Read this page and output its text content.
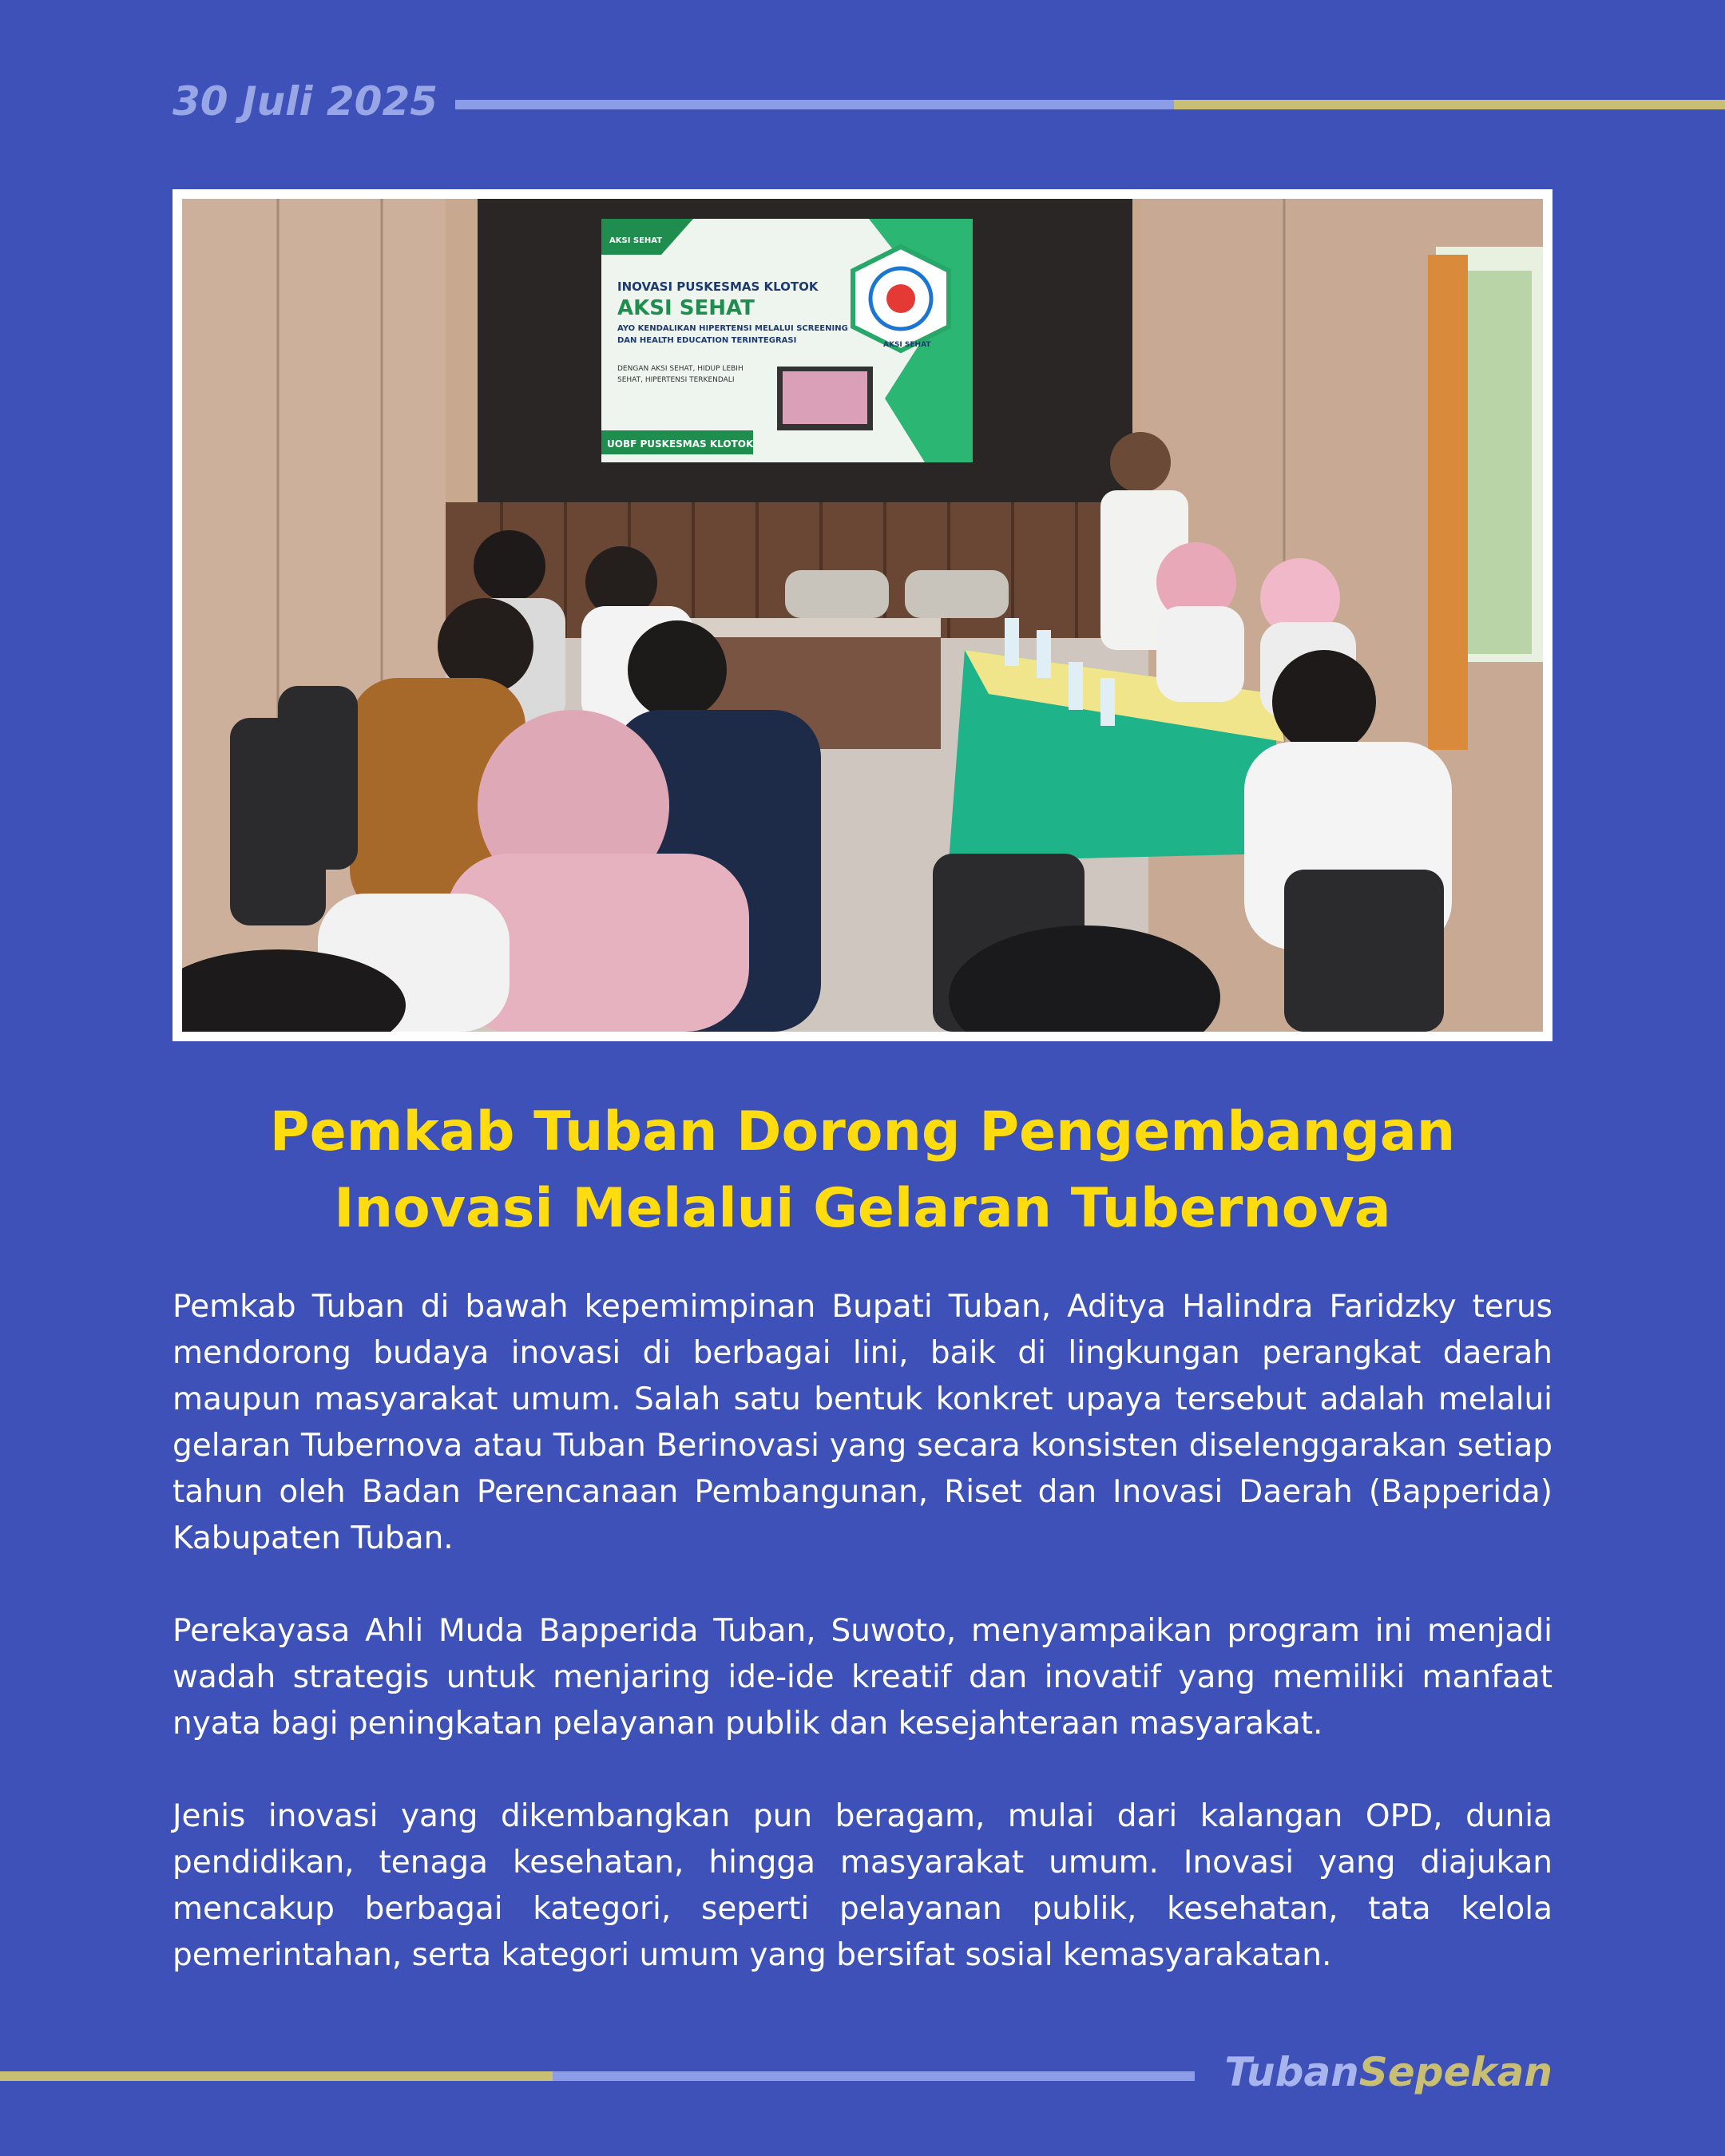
30 Juli 2025
AKSI SEHAT
INOVASI PUSKESMAS KLOTOK
AKSI SEHAT
AYO KENDALIKAN HIPERTENSI MELALUI SCREENING
DAN HEALTH EDUCATION TERINTEGRASI
DENGAN AKSI SEHAT, HIDUP LEBIH
SEHAT, HIPERTENSI TERKENDALI
UOBF PUSKESMAS KLOTOK
AKSI SEHAT
Pemkab Tuban Dorong Pengembangan
Inovasi Melalui Gelaran Tubernova

Pemkab Tuban di bawah kepemimpinan Bupati Tuban, Aditya Halindra Faridzky terus mendorong budaya inovasi di berbagai lini, baik di lingkungan perangkat daerah maupun masyarakat umum. Salah satu bentuk konkret upaya tersebut adalah melalui gelaran Tubernova atau Tuban Berinovasi yang secara konsisten diselenggarakan setiap tahun oleh Badan Perencanaan Pembangunan, Riset dan Inovasi Daerah (Bapperida) Kabupaten Tuban.

Perekayasa Ahli Muda Bapperida Tuban, Suwoto, menyampaikan program ini menjadi wadah strategis untuk menjaring ide-ide kreatif dan inovatif yang memiliki manfaat nyata bagi peningkatan pelayanan publik dan kesejahteraan masyarakat.

Jenis inovasi yang dikembangkan pun beragam, mulai dari kalangan OPD, dunia pendidikan, tenaga kesehatan, hingga masyarakat umum. Inovasi yang diajukan mencakup berbagai kategori, seperti pelayanan publik, kesehatan, tata kelola pemerintahan, serta kategori umum yang bersifat sosial kemasyarakatan.

TubanSepekan
